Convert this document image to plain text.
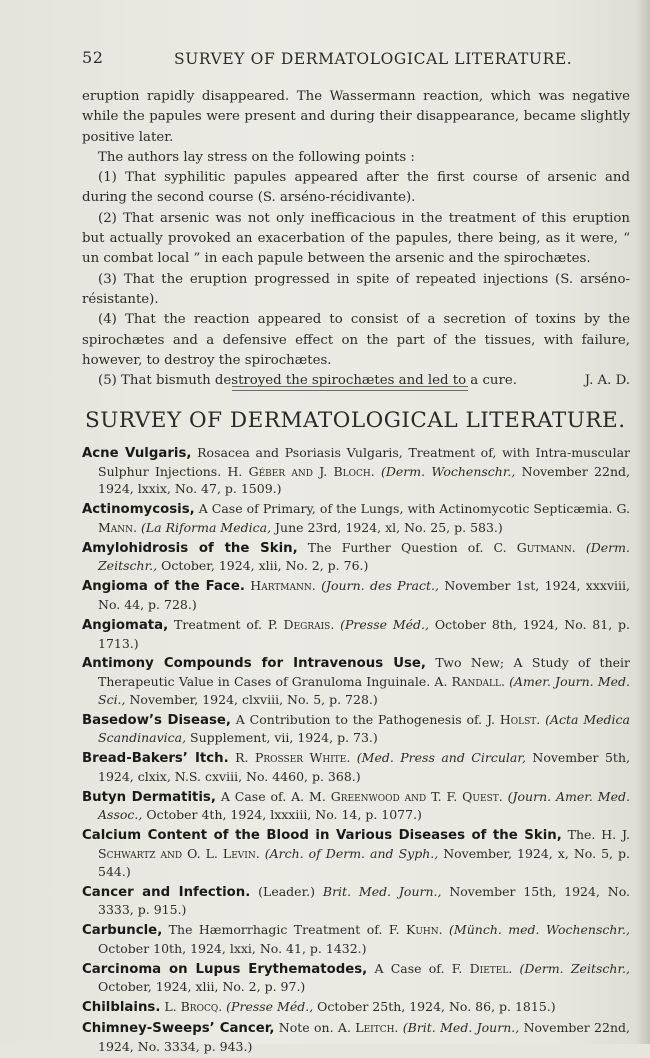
52	SURVEY OF DERMATOLOGICAL LITERATURE.

eruption rapidly disappeared. The Wassermann reaction, which was negative while the papules were present and during their disappearance, became slightly positive later.

The authors lay stress on the following points :

(1) That syphilitic papules appeared after the first course of arsenic and during the second course (S. arséno-récidivante).

(2) That arsenic was not only inefficacious in the treatment of this eruption but actually provoked an exacerbation of the papules, there being, as it were, “ un combat local ” in each papule between the arsenic and the spirochætes.

(3) That the eruption progressed in spite of repeated injections (S. arséno-résistante).

(4) That the reaction appeared to consist of a secretion of toxins by the spirochætes and a defensive effect on the part of the tissues, with failure, however, to destroy the spirochætes.

(5) That bismuth destroyed the spirochætes and led to a cure.	J. A. D.

SURVEY OF DERMATOLOGICAL LITERATURE.

Acne Vulgaris, Rosacea and Psoriasis Vulgaris, Treatment of, with Intra-muscular Sulphur Injections. H. Géber and J. Bloch. (Derm. Wochenschr., November 22nd, 1924, lxxix, No. 47, p. 1509.)

Actinomycosis, A Case of Primary, of the Lungs, with Actinomycotic Septicæmia. G. Mann. (La Riforma Medica, June 23rd, 1924, xl, No. 25, p. 583.)

Amylohidrosis of the Skin, The Further Question of. C. Gutmann. (Derm. Zeitschr., October, 1924, xlii, No. 2, p. 76.)

Angioma of the Face. Hartmann. (Journ. des Pract., November 1st, 1924, xxxviii, No. 44, p. 728.)

Angiomata, Treatment of. P. Degrais. (Presse Méd., October 8th, 1924, No. 81, p. 1713.)

Antimony Compounds for Intravenous Use, Two New; A Study of their Therapeutic Value in Cases of Granuloma Inguinale. A. Randall. (Amer. Journ. Med. Sci., November, 1924, clxviii, No. 5, p. 728.)

Basedow’s Disease, A Contribution to the Pathogenesis of. J. Holst. (Acta Medica Scandinavica, Supplement, vii, 1924, p. 73.)

Bread-Bakers’ Itch. R. Prosser White. (Med. Press and Circular, November 5th, 1924, clxix, N.S. cxviii, No. 4460, p. 368.)

Butyn Dermatitis, A Case of. A. M. Greenwood and T. F. Quest. (Journ. Amer. Med. Assoc., October 4th, 1924, lxxxiii, No. 14, p. 1077.)

Calcium Content of the Blood in Various Diseases of the Skin, The. H. J. Schwartz and O. L. Levin. (Arch. of Derm. and Syph., November, 1924, x, No. 5, p. 544.)

Cancer and Infection. (Leader.) Brit. Med. Journ., November 15th, 1924, No. 3333, p. 915.)

Carbuncle, The Hæmorrhagic Treatment of. F. Kuhn. (Münch. med. Wochenschr., October 10th, 1924, lxxi, No. 41, p. 1432.)

Carcinoma on Lupus Erythematodes, A Case of. F. Dietel. (Derm. Zeitschr., October, 1924, xlii, No. 2, p. 97.)

Chilblains. L. Brocq. (Presse Méd., October 25th, 1924, No. 86, p. 1815.)

Chimney-Sweeps’ Cancer, Note on. A. Leitch. (Brit. Med. Journ., November 22nd, 1924, No. 3334, p. 943.)
